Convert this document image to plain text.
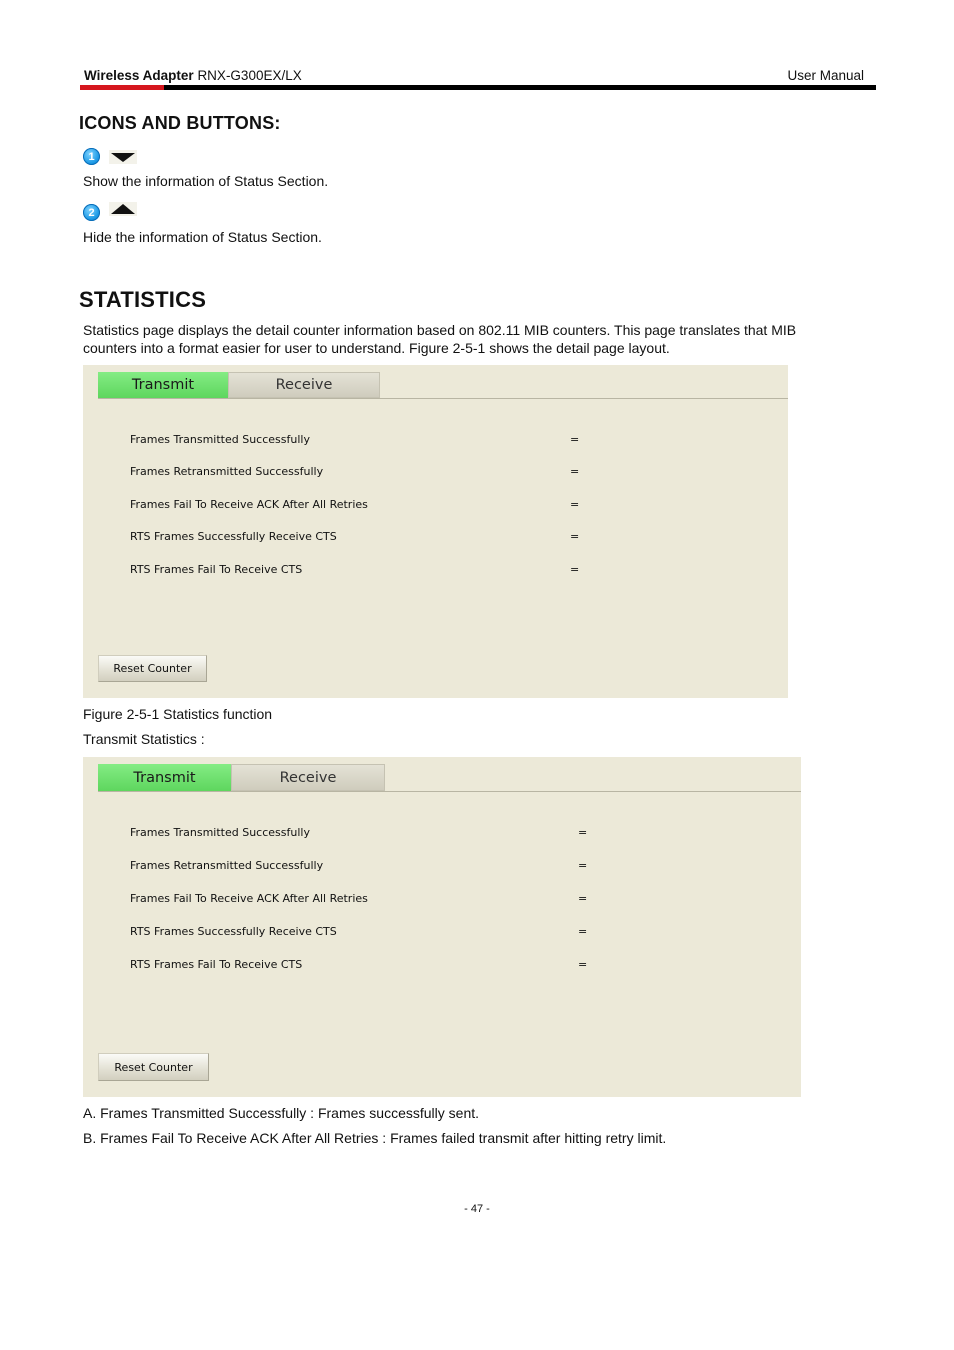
Wireless Adapter RNX-G300EX/LX	User Manual
ICONS AND BUTTONS:
1
Show the information of Status Section.
2
Hide the information of Status Section.
STATISTICS
Statistics page displays the detail counter information based on 802.11 MIB counters. This page translates that MIB counters into a format easier for user to understand. Figure 2-5-1 shows the detail page layout.
Transmit	Receive
Frames Transmitted Successfully	=
Frames Retransmitted Successfully	=
Frames Fail To Receive ACK After All Retries	=
RTS Frames Successfully Receive CTS	=
RTS Frames Fail To Receive CTS	=
Reset Counter
Figure 2-5-1 Statistics function
Transmit Statistics :
Transmit	Receive
Frames Transmitted Successfully	=
Frames Retransmitted Successfully	=
Frames Fail To Receive ACK After All Retries	=
RTS Frames Successfully Receive CTS	=
RTS Frames Fail To Receive CTS	=
Reset Counter
A. Frames Transmitted Successfully : Frames successfully sent.
B. Frames Fail To Receive ACK After All Retries : Frames failed transmit after hitting retry limit.
- 47 -
